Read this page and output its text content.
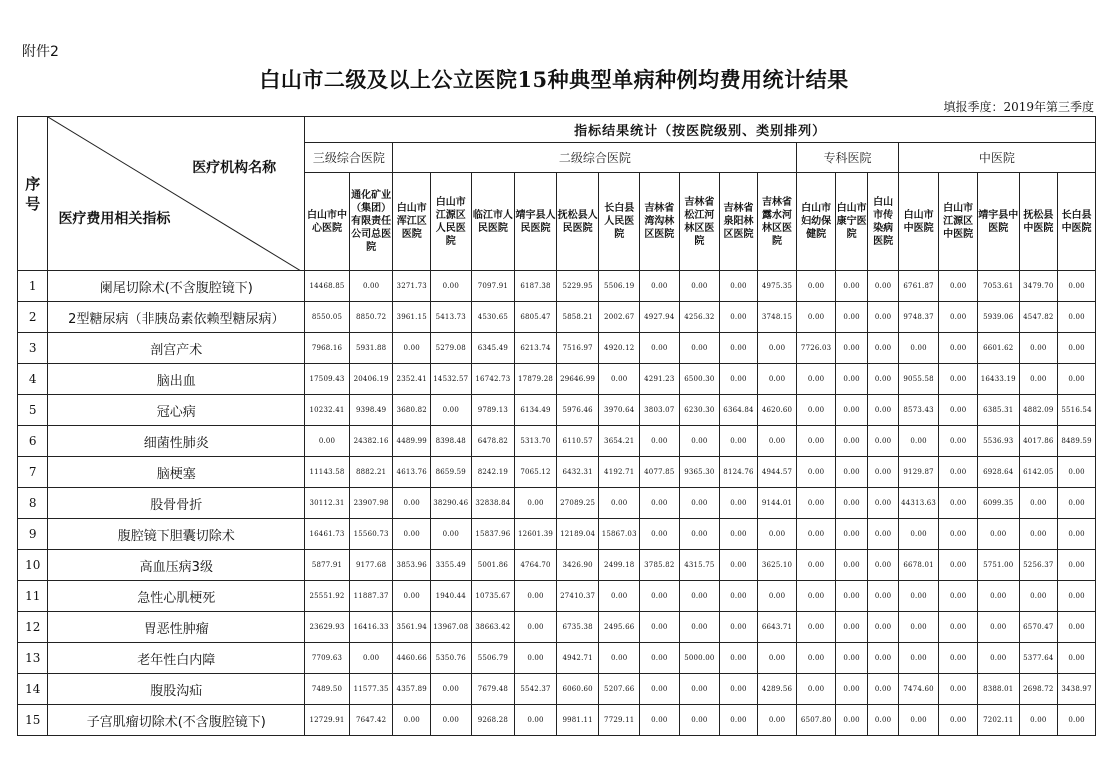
附件2
白山市二级及以上公立医院15种典型单病种例均费用统计结果
填报季度：2019年第三季度
序
号	医疗机构名称
医疗费用相关指标	指标结果统计（按医院级别、类别排列）																			
		三级综合医院		二级综合医院										专科医院			中医院				
		白山市中心医院	通化矿业（集团）有限责任公司总医院	白山市浑江区医院	白山市江源区人民医院	临江市人民医院	靖宇县人民医院	抚松县人民医院	长白县人民医院	吉林省湾沟林区医院	吉林省松江河林区医院	吉林省泉阳林区医院	吉林省露水河林区医院	白山市妇幼保健院	白山市康宁医院	白山市传染病医院	白山市中医院	白山市江源区中医院	靖宇县中医院	抚松县中医院	长白县中医院
1	阑尾切除术(不含腹腔镜下)	14468.85	0.00	3271.73	0.00	7097.91	6187.38	5229.95	5506.19	0.00	0.00	0.00	4975.35	0.00	0.00	0.00	6761.87	0.00	7053.61	3479.70	0.00
2	2型糖尿病（非胰岛素依赖型糖尿病）	8550.05	8850.72	3961.15	5413.73	4530.65	6805.47	5858.21	2002.67	4927.94	4256.32	0.00	3748.15	0.00	0.00	0.00	9748.37	0.00	5939.06	4547.82	0.00
3	剖宫产术	7968.16	5931.88	0.00	5279.08	6345.49	6213.74	7516.97	4920.12	0.00	0.00	0.00	0.00	7726.03	0.00	0.00	0.00	0.00	6601.62	0.00	0.00
4	脑出血	17509.43	20406.19	2352.41	14532.57	16742.73	17879.28	29646.99	0.00	4291.23	6500.30	0.00	0.00	0.00	0.00	0.00	9055.58	0.00	16433.19	0.00	0.00
5	冠心病	10232.41	9398.49	3680.82	0.00	9789.13	6134.49	5976.46	3970.64	3803.07	6230.30	6364.84	4620.60	0.00	0.00	0.00	8573.43	0.00	6385.31	4882.09	5516.54
6	细菌性肺炎	0.00	24382.16	4489.99	8398.48	6478.82	5313.70	6110.57	3654.21	0.00	0.00	0.00	0.00	0.00	0.00	0.00	0.00	0.00	5536.93	4017.86	8489.59
7	脑梗塞	11143.58	8882.21	4613.76	8659.59	8242.19	7065.12	6432.31	4192.71	4077.85	9365.30	8124.76	4944.57	0.00	0.00	0.00	9129.87	0.00	6928.64	6142.05	0.00
8	股骨骨折	30112.31	23907.98	0.00	38290.46	32838.84	0.00	27089.25	0.00	0.00	0.00	0.00	9144.01	0.00	0.00	0.00	44313.63	0.00	6099.35	0.00	0.00
9	腹腔镜下胆囊切除术	16461.73	15560.73	0.00	0.00	15837.96	12601.39	12189.04	15867.03	0.00	0.00	0.00	0.00	0.00	0.00	0.00	0.00	0.00	0.00	0.00	0.00
10	高血压病3级	5877.91	9177.68	3853.96	3355.49	5001.86	4764.70	3426.90	2499.18	3785.82	4315.75	0.00	3625.10	0.00	0.00	0.00	6678.01	0.00	5751.00	5256.37	0.00
11	急性心肌梗死	25551.92	11887.37	0.00	1940.44	10735.67	0.00	27410.37	0.00	0.00	0.00	0.00	0.00	0.00	0.00	0.00	0.00	0.00	0.00	0.00	0.00
12	胃恶性肿瘤	23629.93	16416.33	3561.94	13967.08	38663.42	0.00	6735.38	2495.66	0.00	0.00	0.00	6643.71	0.00	0.00	0.00	0.00	0.00	0.00	6570.47	0.00
13	老年性白内障	7709.63	0.00	4460.66	5350.76	5506.79	0.00	4942.71	0.00	0.00	5000.00	0.00	0.00	0.00	0.00	0.00	0.00	0.00	0.00	5377.64	0.00
14	腹股沟疝	7489.50	11577.35	4357.89	0.00	7679.48	5542.37	6060.60	5207.66	0.00	0.00	0.00	4289.56	0.00	0.00	0.00	7474.60	0.00	8388.01	2698.72	3438.97
15	子宫肌瘤切除术(不含腹腔镜下)	12729.91	7647.42	0.00	0.00	9268.28	0.00	9981.11	7729.11	0.00	0.00	0.00	0.00	6507.80	0.00	0.00	0.00	0.00	7202.11	0.00	0.00
